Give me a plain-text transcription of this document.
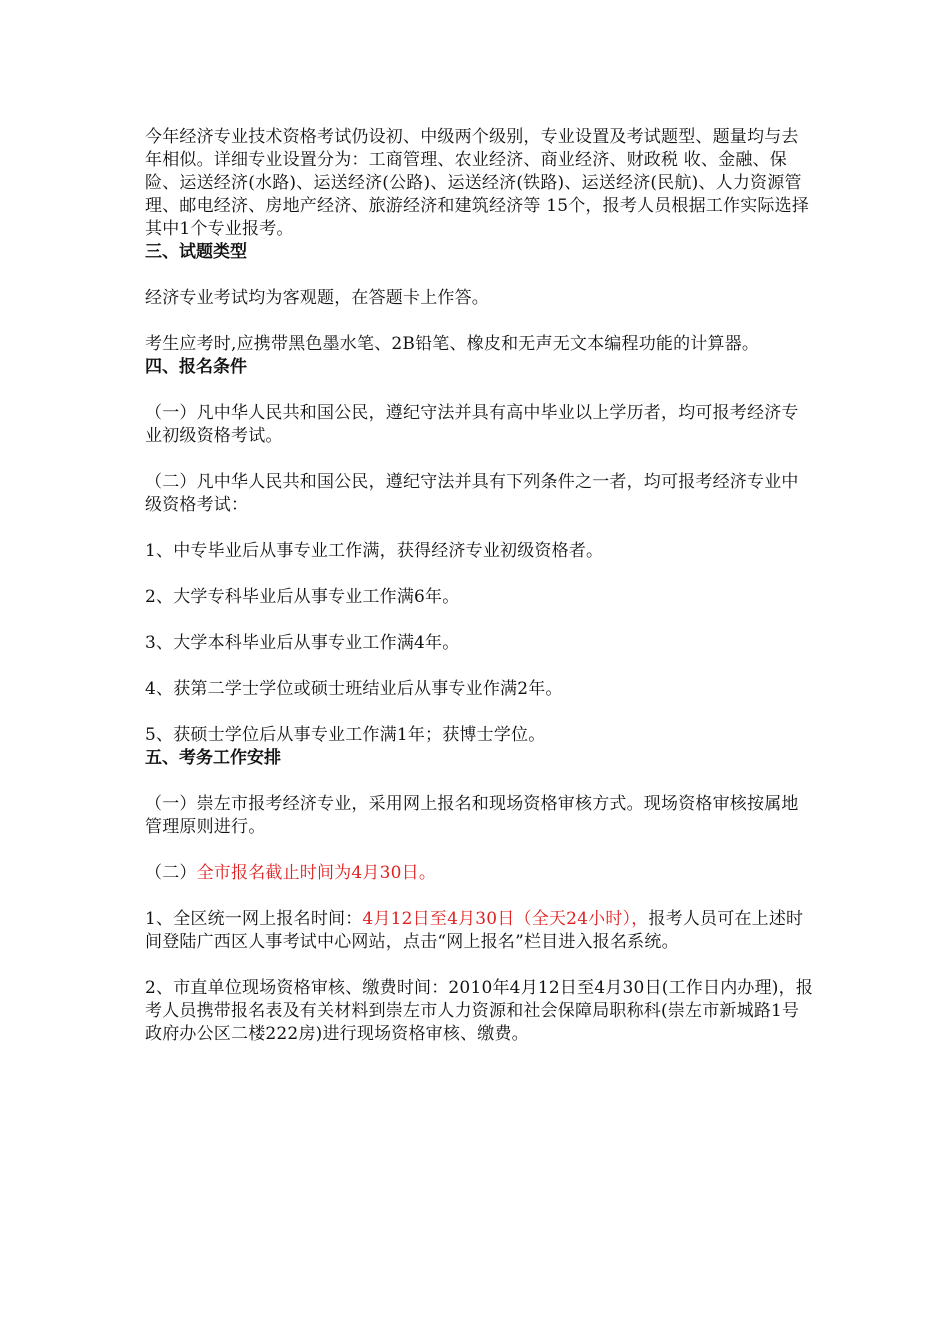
今年经济专业技术资格考试仍设初、中级两个级别，专业设置及考试题型、题量均与去年相似。详细专业设置分为：工商管理、农业经济、商业经济、财政税 收、金融、保险、运送经济(水路)、运送经济(公路)、运送经济(铁路)、运送经济(民航)、人力资源管理、邮电经济、房地产经济、旅游经济和建筑经济等 15个，报考人员根据工作实际选择其中1个专业报考。

三、试题类型

经济专业考试均为客观题，在答题卡上作答。

考生应考时,应携带黑色墨水笔、2B铅笔、橡皮和无声无文本编程功能的计算器。

四、报名条件

（一）凡中华人民共和国公民，遵纪守法并具有高中毕业以上学历者，均可报考经济专业初级资格考试。

（二）凡中华人民共和国公民，遵纪守法并具有下列条件之一者，均可报考经济专业中级资格考试：

1、中专毕业后从事专业工作满，获得经济专业初级资格者。

2、大学专科毕业后从事专业工作满6年。

3、大学本科毕业后从事专业工作满4年。

4、获第二学士学位或硕士班结业后从事专业作满2年。

5、获硕士学位后从事专业工作满1年；获博士学位。

五、考务工作安排

（一）崇左市报考经济专业，采用网上报名和现场资格审核方式。现场资格审核按属地管理原则进行。

（二）全市报名截止时间为4月30日。

1、全区统一网上报名时间：4月12日至4月30日（全天24小时），报考人员可在上述时间登陆广西区人事考试中心网站，点击“网上报名”栏目进入报名系统。

2、市直单位现场资格审核、缴费时间：2010年4月12日至4月30日(工作日内办理)，报考人员携带报名表及有关材料到崇左市人力资源和社会保障局职称科(崇左市新城路1号政府办公区二楼222房)进行现场资格审核、缴费。
